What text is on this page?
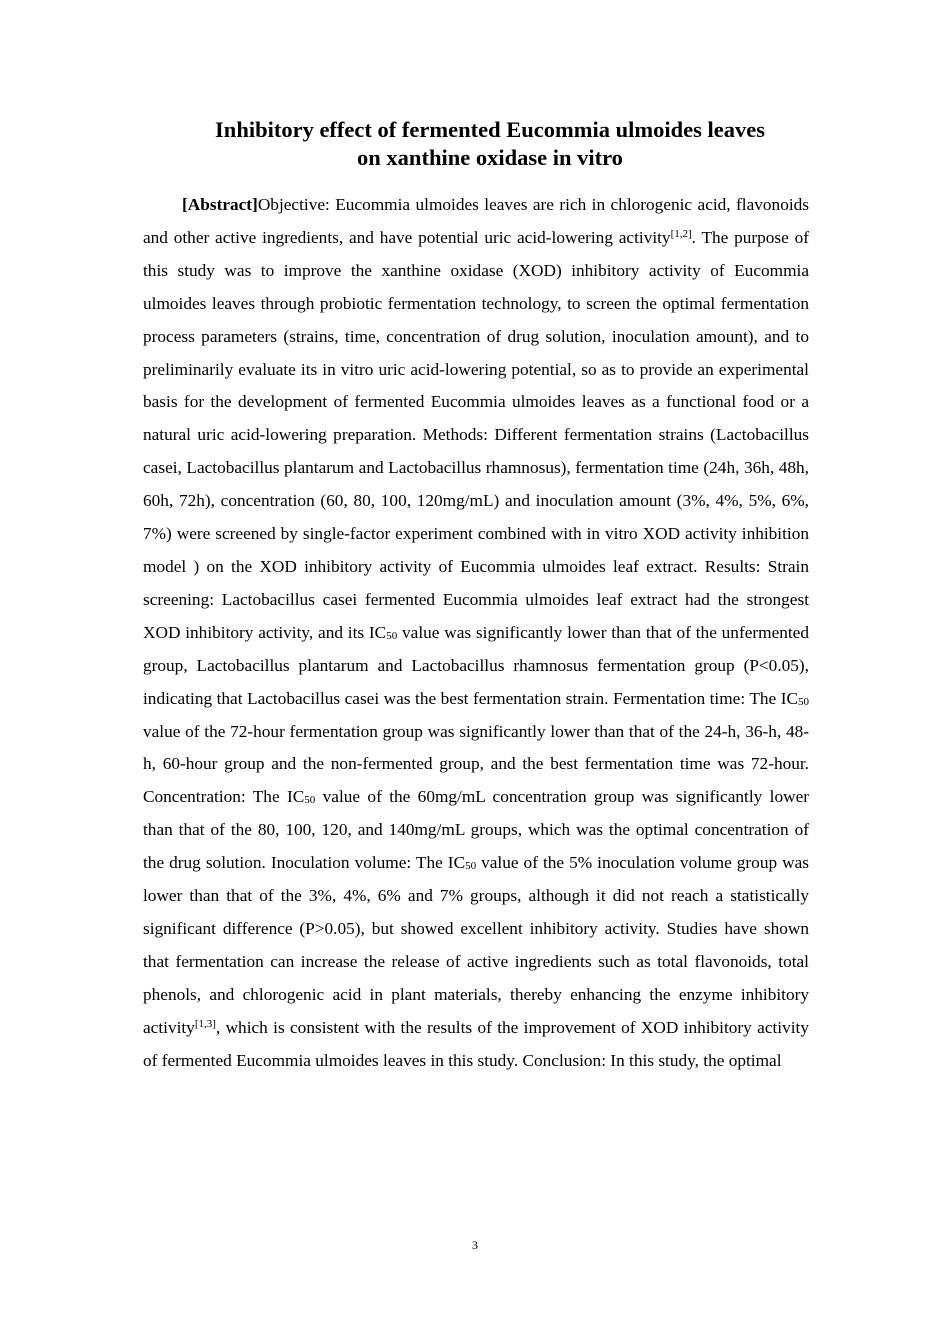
Inhibitory effect of fermented Eucommia ulmoides leaves
on xanthine oxidase in vitro

[Abstract]Objective: Eucommia ulmoides leaves are rich in chlorogenic acid, flavonoids and other active ingredients, and have potential uric acid-lowering activity[1,2]. The purpose of this study was to improve the xanthine oxidase (XOD) inhibitory activity of Eucommia ulmoides leaves through probiotic fermentation technology, to screen the optimal fermentation process parameters (strains, time, concentration of drug solution, inoculation amount), and to preliminarily evaluate its in vitro uric acid-lowering potential, so as to provide an experimental basis for the development of fermented Eucommia ulmoides leaves as a functional food or a natural uric acid-lowering preparation. Methods: Different fermentation strains (Lactobacillus casei, Lactobacillus plantarum and Lactobacillus rhamnosus), fermentation time (24h, 36h, 48h, 60h, 72h), concentration (60, 80, 100, 120mg/mL) and inoculation amount (3%, 4%, 5%, 6%, 7%) were screened by single-factor experiment combined with in vitro XOD activity inhibition model ) on the XOD inhibitory activity of Eucommia ulmoides leaf extract. Results: Strain screening: Lactobacillus casei fermented Eucommia ulmoides leaf extract had the strongest XOD inhibitory activity, and its $IC_{50}$ value was significantly lower than that of the unfermented group, Lactobacillus plantarum and Lactobacillus rhamnosus fermentation group (P<0.05), indicating that Lactobacillus casei was the best fermentation strain. Fermentation time: The $IC_{50}$ value of the 72-hour fermentation group was significantly lower than that of the 24-h, 36-h, 48-h, 60-hour group and the non-fermented group, and the best fermentation time was 72-hour. Concentration: The $IC_{50}$ value of the 60mg/mL concentration group was significantly lower than that of the 80, 100, 120, and 140mg/mL groups, which was the optimal concentration of the drug solution. Inoculation volume: The $IC_{50}$ value of the 5% inoculation volume group was lower than that of the 3%, 4%, 6% and 7% groups, although it did not reach a statistically significant difference (P>0.05), but showed excellent inhibitory activity. Studies have shown that fermentation can increase the release of active ingredients such as total flavonoids, total phenols, and chlorogenic acid in plant materials, thereby enhancing the enzyme inhibitory activity[1,3], which is consistent with the results of the improvement of XOD inhibitory activity of fermented Eucommia ulmoides leaves in this study. Conclusion: In this study, the optimal

3
